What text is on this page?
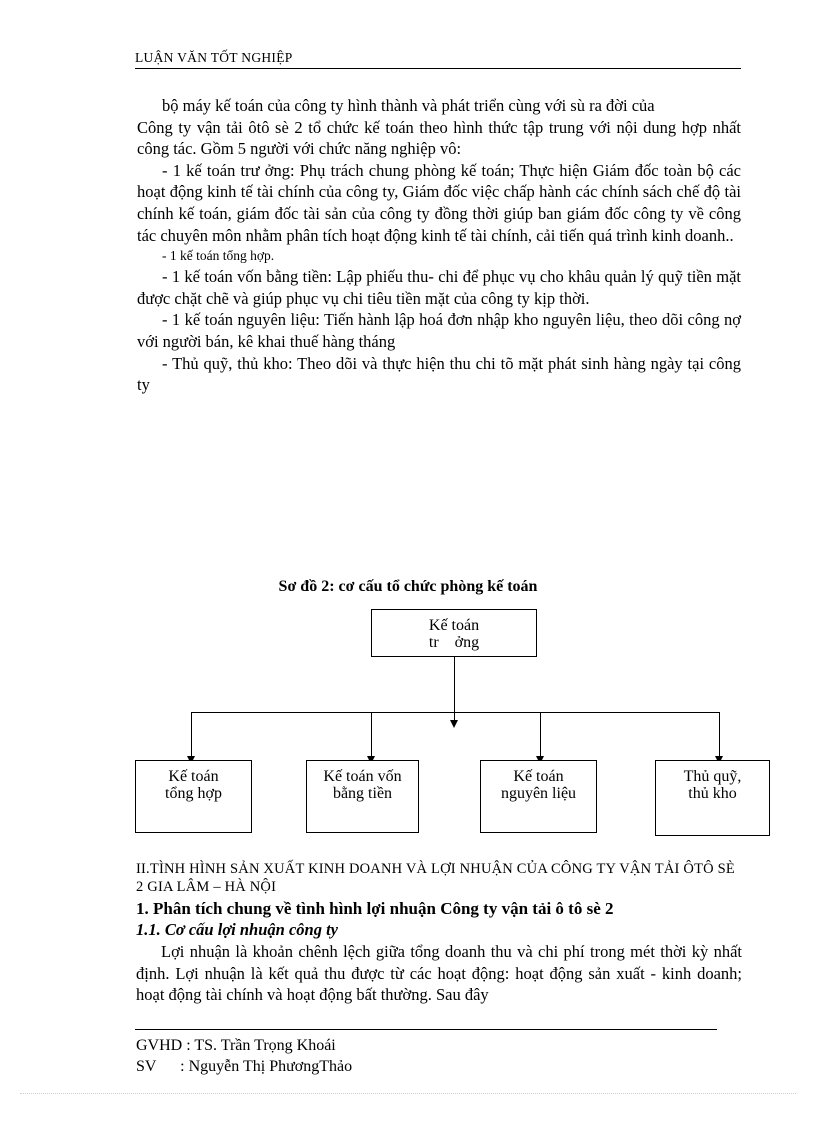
LUẬN VĂN TỐT NGHIỆP

bộ máy kế toán của công ty hình thành và phát triển cùng với sù ra đời của

Công ty vận tải ôtô sè 2 tổ chức kế toán theo hình thức tập trung với nội dung hợp nhất công tác. Gồm 5 người với chức năng nghiệp vô:

- 1 kế toán trư ởng: Phụ trách chung phòng kế toán; Thực hiện Giám đốc toàn bộ các hoạt động kinh tế tài chính của công ty, Giám đốc việc chấp hành các chính sách chế độ tài chính kế toán, giám đốc tài sản của công ty đồng thời giúp ban giám đốc công ty về công tác chuyên môn nhằm phân tích hoạt động kinh tế tài chính, cải tiến quá trình kinh doanh..

- 1 kế toán tổng hợp.

- 1 kế toán vốn bằng tiền: Lập phiếu thu- chi để phục vụ cho khâu quản lý quỹ tiền mặt được chặt chẽ và giúp phục vụ chi tiêu tiền mặt của công ty kịp thời.

- 1 kế toán nguyên liệu: Tiến hành lập hoá đơn nhập kho nguyên liệu, theo dõi công nợ với người bán, kê khai thuế hàng tháng

- Thủ quỹ, thủ kho: Theo dõi và thực hiện thu chi tõ mặt phát sinh hàng ngày tại công ty

Sơ đồ 2: cơ cấu tổ chức phòng kế toán
Kế toán
tr    ởng
Kế toán
tổng hợp
Kế toán vốn
bằng tiền
Kế toán
nguyên liệu
Thủ quỹ,
thủ kho
II.TÌNH HÌNH SẢN XUẤT KINH DOANH VÀ LỢI NHUẬN CỦA CÔNG TY VẬN TẢI ÔTÔ SÈ 2 GIA LÂM – HÀ NỘI
1. Phân tích chung về tình hình lợi nhuận Công ty vận tải ô tô sè 2
1.1. Cơ cấu lợi nhuận công ty

Lợi nhuận là khoản chênh lệch giữa tổng doanh thu và chi phí trong mét thời kỳ nhất định. Lợi nhuận là kết quả thu được từ các hoạt động: hoạt động sản xuất - kinh doanh; hoạt động tài chính và hoạt động bất thường. Sau đây

GVHD : TS. Trần Trọng Khoái
SV      : Nguyễn Thị PhươngThảo
